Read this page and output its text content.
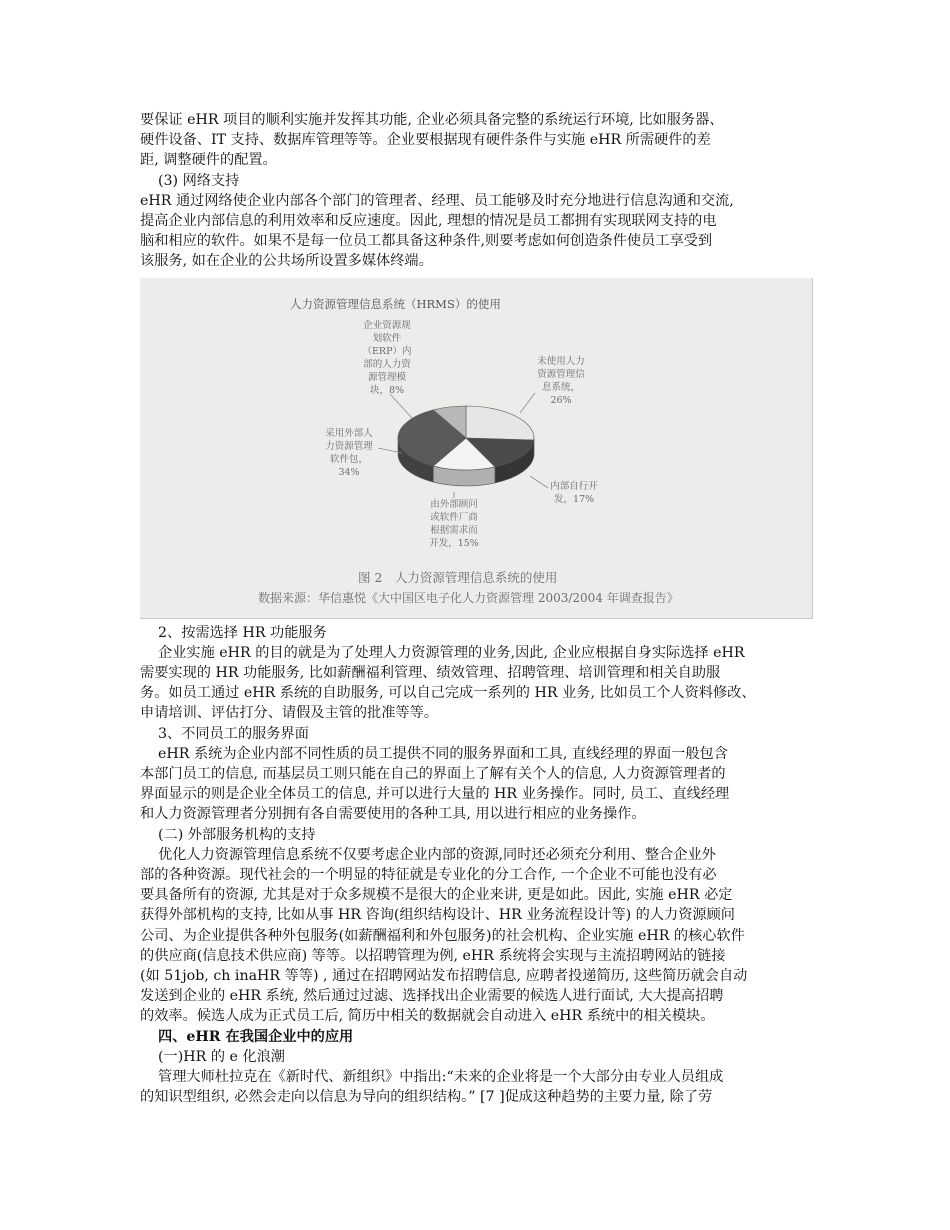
要保证 eHR 项目的顺利实施并发挥其功能, 企业必须具备完整的系统运行环境, 比如服务器、
硬件设备、IT 支持、数据库管理等等。企业要根据现有硬件条件与实施 eHR 所需硬件的差
距, 调整硬件的配置。
(3) 网络支持
eHR 通过网络使企业内部各个部门的管理者、经理、员工能够及时充分地进行信息沟通和交流,
提高企业内部信息的利用效率和反应速度。因此, 理想的情况是员工都拥有实现联网支持的电
脑和相应的软件。如果不是每一位员工都具备这种条件,则要考虑如何创造条件使员工享受到
该服务, 如在企业的公共场所设置多媒体终端。
人力资源管理信息系统（HRMS）的使用
企业资源规
划软件
（ERP）内
部的人力资
源管理模
块，8%
未使用人力
资源管理信
息系统，
26%
内部自行开
发，17%
由外部顾问
或软件厂商
根据需求而
开发，15%
采用外部人
力资源管理
软件包，
34%
图 2　人力资源管理信息系统的使用
数据来源：华信惠悦《大中国区电子化人力资源管理 2003/2004 年调查报告》
2、按需选择 HR 功能服务
企业实施 eHR 的目的就是为了处理人力资源管理的业务,因此, 企业应根据自身实际选择 eHR
需要实现的 HR 功能服务, 比如薪酬福利管理、绩效管理、招聘管理、培训管理和相关自助服
务。如员工通过 eHR 系统的自助服务, 可以自己完成一系列的 HR 业务, 比如员工个人资料修改、
申请培训、评估打分、请假及主管的批准等等。
3、不同员工的服务界面
eHR 系统为企业内部不同性质的员工提供不同的服务界面和工具, 直线经理的界面一般包含
本部门员工的信息, 而基层员工则只能在自己的界面上了解有关个人的信息, 人力资源管理者的
界面显示的则是企业全体员工的信息, 并可以进行大量的 HR 业务操作。同时, 员工、直线经理
和人力资源管理者分别拥有各自需要使用的各种工具, 用以进行相应的业务操作。
(二) 外部服务机构的支持
优化人力资源管理信息系统不仅要考虑企业内部的资源,同时还必须充分利用、整合企业外
部的各种资源。现代社会的一个明显的特征就是专业化的分工合作, 一个企业不可能也没有必
要具备所有的资源, 尤其是对于众多规模不是很大的企业来讲, 更是如此。因此, 实施 eHR 必定
获得外部机构的支持, 比如从事 HR 咨询(组织结构设计、HR 业务流程设计等) 的人力资源顾问
公司、为企业提供各种外包服务(如薪酬福利和外包服务)的社会机构、企业实施 eHR 的核心软件
的供应商(信息技术供应商) 等等。以招聘管理为例, eHR 系统将会实现与主流招聘网站的链接
(如 51job, ch inaHR 等等) , 通过在招聘网站发布招聘信息, 应聘者投递简历, 这些简历就会自动
发送到企业的 eHR 系统, 然后通过过滤、选择找出企业需要的候选人进行面试, 大大提高招聘
的效率。候选人成为正式员工后, 简历中相关的数据就会自动进入 eHR 系统中的相关模块。
四、eHR 在我国企业中的应用
(一)HR 的 e 化浪潮
管理大师杜拉克在《新时代、新组织》中指出:“未来的企业将是一个大部分由专业人员组成
的知识型组织, 必然会走向以信息为导向的组织结构。” [7 ]促成这种趋势的主要力量, 除了劳
